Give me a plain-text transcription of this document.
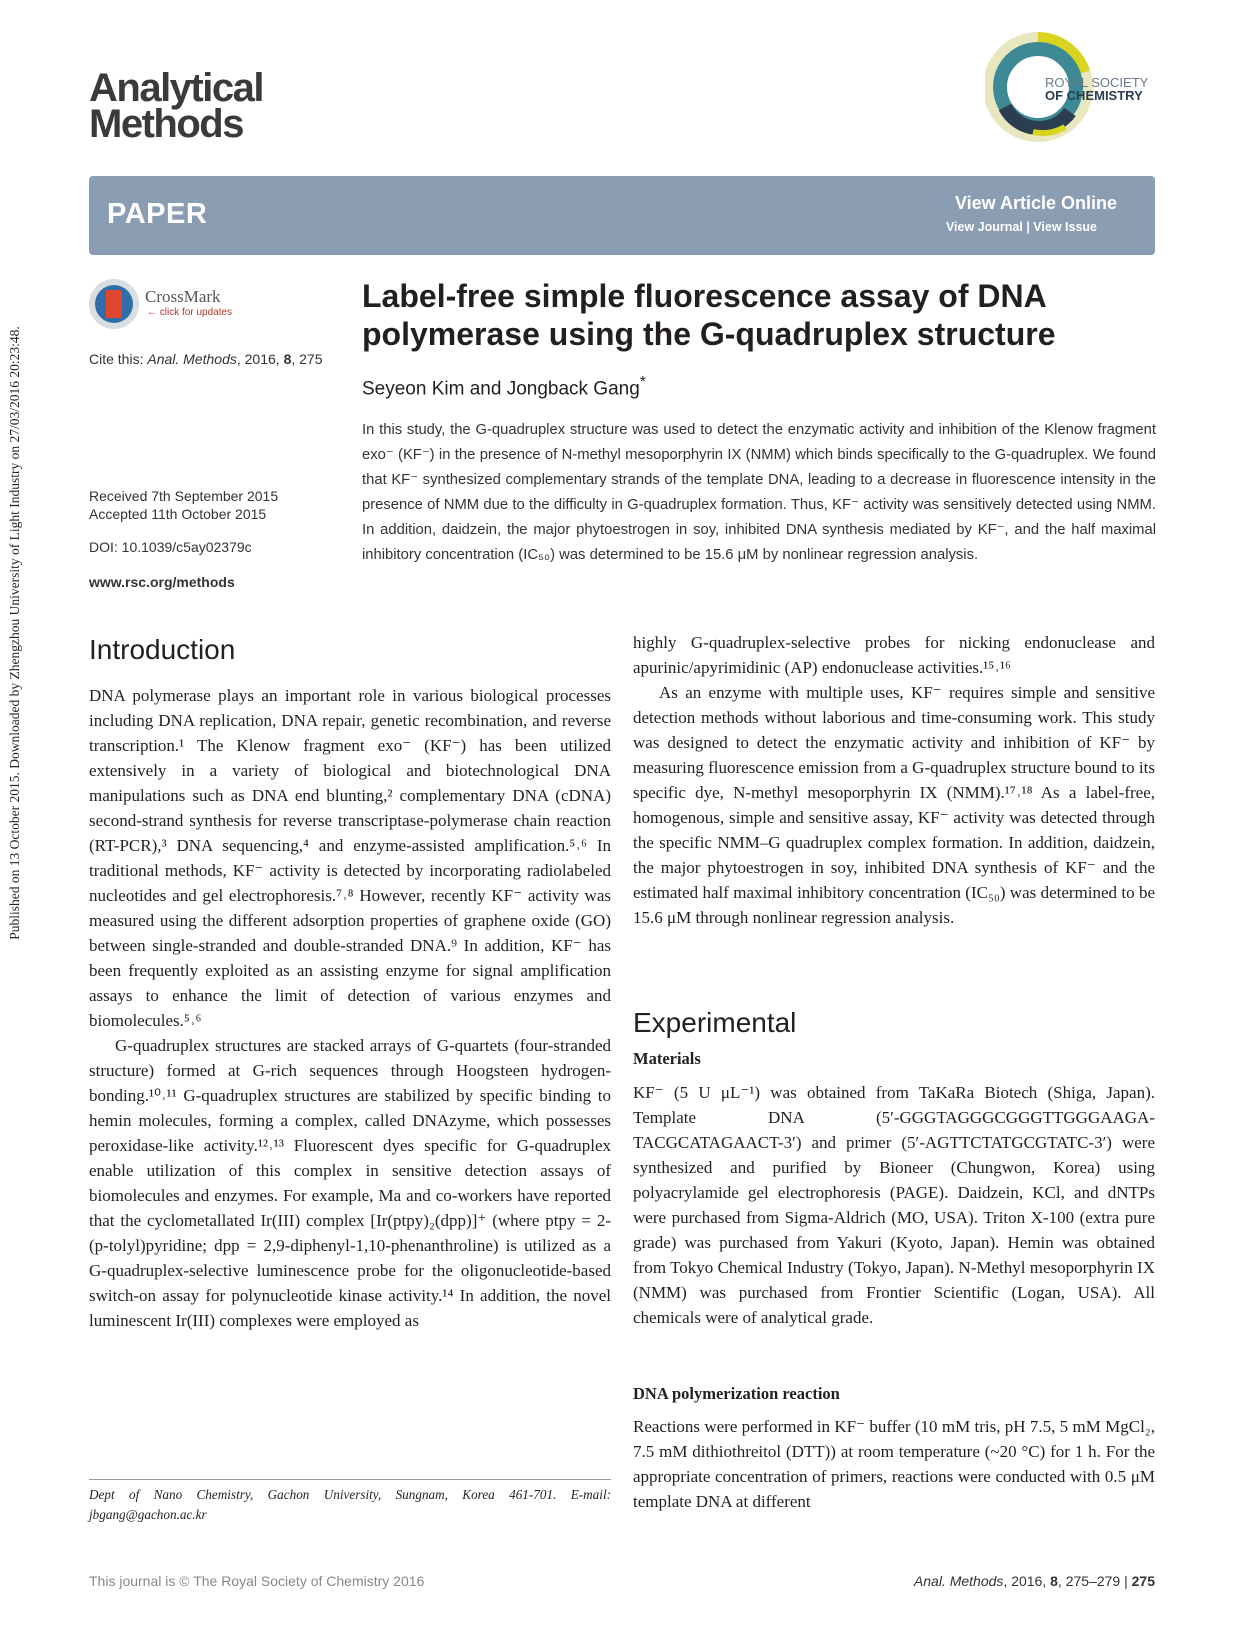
Published on 13 October 2015. Downloaded by Zhengzhou University of Light Industry on 27/03/2016 20:23:48.
Analytical
Methods
ROYAL SOCIETY
OF CHEMISTRY
PAPER	View Article Online
View Journal | View Issue
CrossMark
← click for updates
Cite this: Anal. Methods, 2016, 8, 275
Received 7th September 2015
Accepted 11th October 2015
DOI: 10.1039/c5ay02379c
www.rsc.org/methods
Label-free simple fluorescence assay of DNA
polymerase using the G-quadruplex structure
Seyeon Kim and Jongback Gang*
In this study, the G-quadruplex structure was used to detect the enzymatic activity and inhibition of the Klenow fragment exo⁻ (KF⁻) in the presence of N-methyl mesoporphyrin IX (NMM) which binds specifically to the G-quadruplex. We found that KF⁻ synthesized complementary strands of the template DNA, leading to a decrease in fluorescence intensity in the presence of NMM due to the difficulty in G-quadruplex formation. Thus, KF⁻ activity was sensitively detected using NMM. In addition, daidzein, the major phytoestrogen in soy, inhibited DNA synthesis mediated by KF⁻, and the half maximal inhibitory concentration (IC₅₀) was determined to be 15.6 μM by nonlinear regression analysis.
Introduction

DNA polymerase plays an important role in various biological processes including DNA replication, DNA repair, genetic recombination, and reverse transcription.¹ The Klenow fragment exo⁻ (KF⁻) has been utilized extensively in a variety of biological and biotechnological DNA manipulations such as DNA end blunting,² complementary DNA (cDNA) second-strand synthesis for reverse transcriptase-polymerase chain reaction (RT-PCR),³ DNA sequencing,⁴ and enzyme-assisted amplification.⁵˒⁶ In traditional methods, KF⁻ activity is detected by incorporating radiolabeled nucleotides and gel electrophoresis.⁷˒⁸ However, recently KF⁻ activity was measured using the different adsorption properties of graphene oxide (GO) between single-stranded and double-stranded DNA.⁹ In addition, KF⁻ has been frequently exploited as an assisting enzyme for signal amplification assays to enhance the limit of detection of various enzymes and biomolecules.⁵˒⁶

G-quadruplex structures are stacked arrays of G-quartets (four-stranded structure) formed at G-rich sequences through Hoogsteen hydrogen-bonding.¹⁰˒¹¹ G-quadruplex structures are stabilized by specific binding to hemin molecules, forming a complex, called DNAzyme, which possesses peroxidase-like activity.¹²˒¹³ Fluorescent dyes specific for G-quadruplex enable utilization of this complex in sensitive detection assays of biomolecules and enzymes. For example, Ma and co-workers have reported that the cyclometallated Ir(III) complex [Ir(ptpy)₂(dpp)]⁺ (where ptpy = 2-(p-tolyl)pyridine; dpp = 2,9-diphenyl-1,10-phenanthroline) is utilized as a G-quadruplex-selective luminescence probe for the oligonucleotide-based switch-on assay for polynucleotide kinase activity.¹⁴ In addition, the novel luminescent Ir(III) complexes were employed as

highly G-quadruplex-selective probes for nicking endonuclease and apurinic/apyrimidinic (AP) endonuclease activities.¹⁵˒¹⁶

As an enzyme with multiple uses, KF⁻ requires simple and sensitive detection methods without laborious and time-consuming work. This study was designed to detect the enzymatic activity and inhibition of KF⁻ by measuring fluorescence emission from a G-quadruplex structure bound to its specific dye, N-methyl mesoporphyrin IX (NMM).¹⁷˒¹⁸ As a label-free, homogenous, simple and sensitive assay, KF⁻ activity was detected through the specific NMM–G quadruplex complex formation. In addition, daidzein, the major phytoestrogen in soy, inhibited DNA synthesis of KF⁻ and the estimated half maximal inhibitory concentration (IC₅₀) was determined to be 15.6 μM through nonlinear regression analysis.

Experimental
Materials

KF⁻ (5 U μL⁻¹) was obtained from TaKaRa Biotech (Shiga, Japan). Template DNA (5′-GGGTAGGGCGGGTTGGGAAGA-TACGCATAGAACT-3′) and primer (5′-AGTTCTATGCGTATC-3′) were synthesized and purified by Bioneer (Chungwon, Korea) using polyacrylamide gel electrophoresis (PAGE). Daidzein, KCl, and dNTPs were purchased from Sigma-Aldrich (MO, USA). Triton X-100 (extra pure grade) was purchased from Yakuri (Kyoto, Japan). Hemin was obtained from Tokyo Chemical Industry (Tokyo, Japan). N-Methyl mesoporphyrin IX (NMM) was purchased from Frontier Scientific (Logan, USA). All chemicals were of analytical grade.

DNA polymerization reaction

Reactions were performed in KF⁻ buffer (10 mM tris, pH 7.5, 5 mM MgCl₂, 7.5 mM dithiothreitol (DTT)) at room temperature (~20 °C) for 1 h. For the appropriate concentration of primers, reactions were conducted with 0.5 μM template DNA at different

Dept of Nano Chemistry, Gachon University, Sungnam, Korea 461-701. E-mail: jbgang@gachon.ac.kr
This journal is © The Royal Society of Chemistry 2016	Anal. Methods, 2016, 8, 275–279 | 275
